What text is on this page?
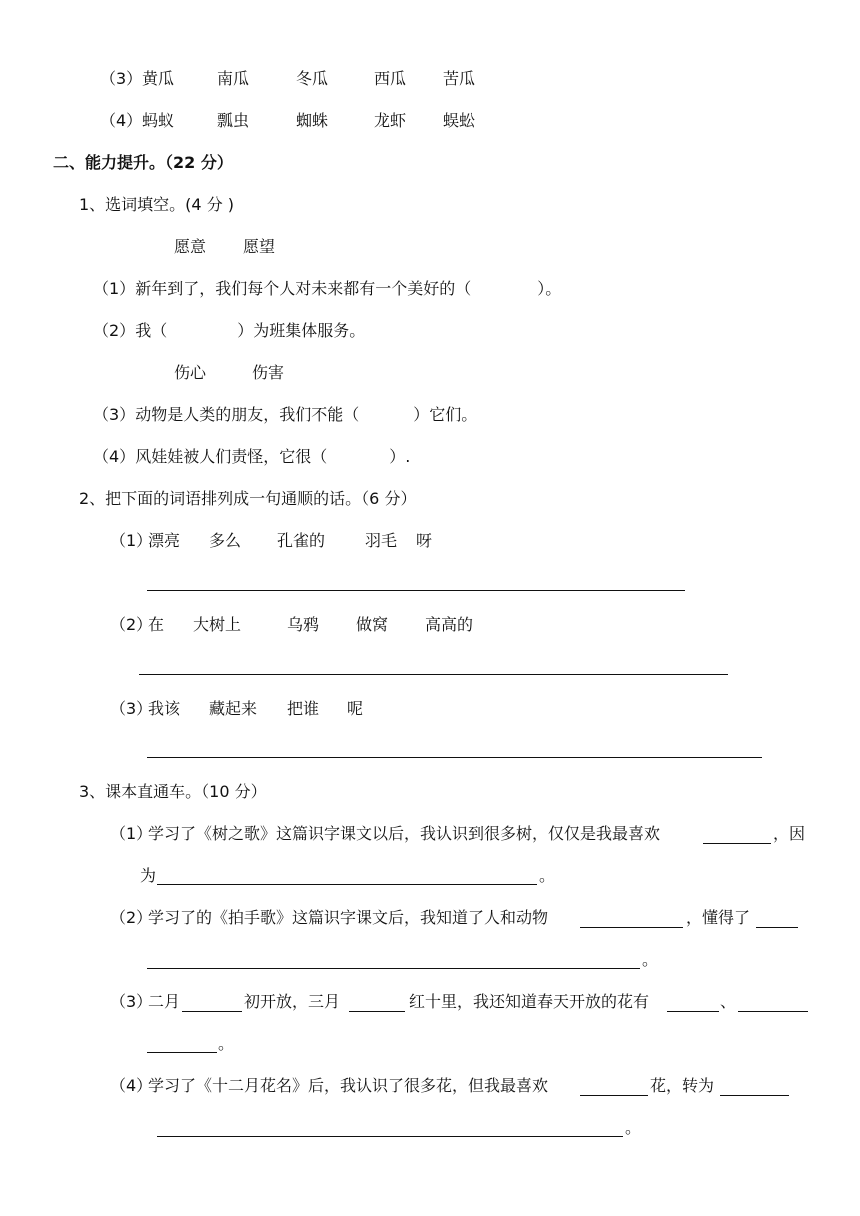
（3） 黄瓜	南瓜	冬瓜	西瓜 苦瓜
（4） 蚂蚁	瓢虫	蜘蛛	龙虾 蜈蚣
二、能力提升。（22 分）
1、选词填空。(4 分 )
愿意 愿望
（1）新年到了，我们每个人对未来都有一个美好的（	）。
（2）我（	）为班集体服务。
伤心	伤害
（3）动物是人类的朋友，我们不能（	）它们。
（4）风娃娃被人们责怪，它很（	）.
2、把下面的词语排列成一句通顺的话。（6 分）
（1）
漂亮 多么 孔雀的 羽毛 呀
（2）
在 大树上	乌鸦 做窝 高高的
（3）
我该 藏起来 把谁 呢
3、课本直通车。（10 分）
（1）
学习了《树之歌》这篇识字课文以后，我认识到很多树，仅仅是我最喜欢	，因
为	。
（2）
学习了的《拍手歌》这篇识字课文后，我知道了人和动物	，懂得了
。
（3）
二月	初开放，三月	红十里，我还知道春天开放的花有	、
。
（4）
学习了《十二月花名》后，我认识了很多花，但我最喜欢	花，转为
。
